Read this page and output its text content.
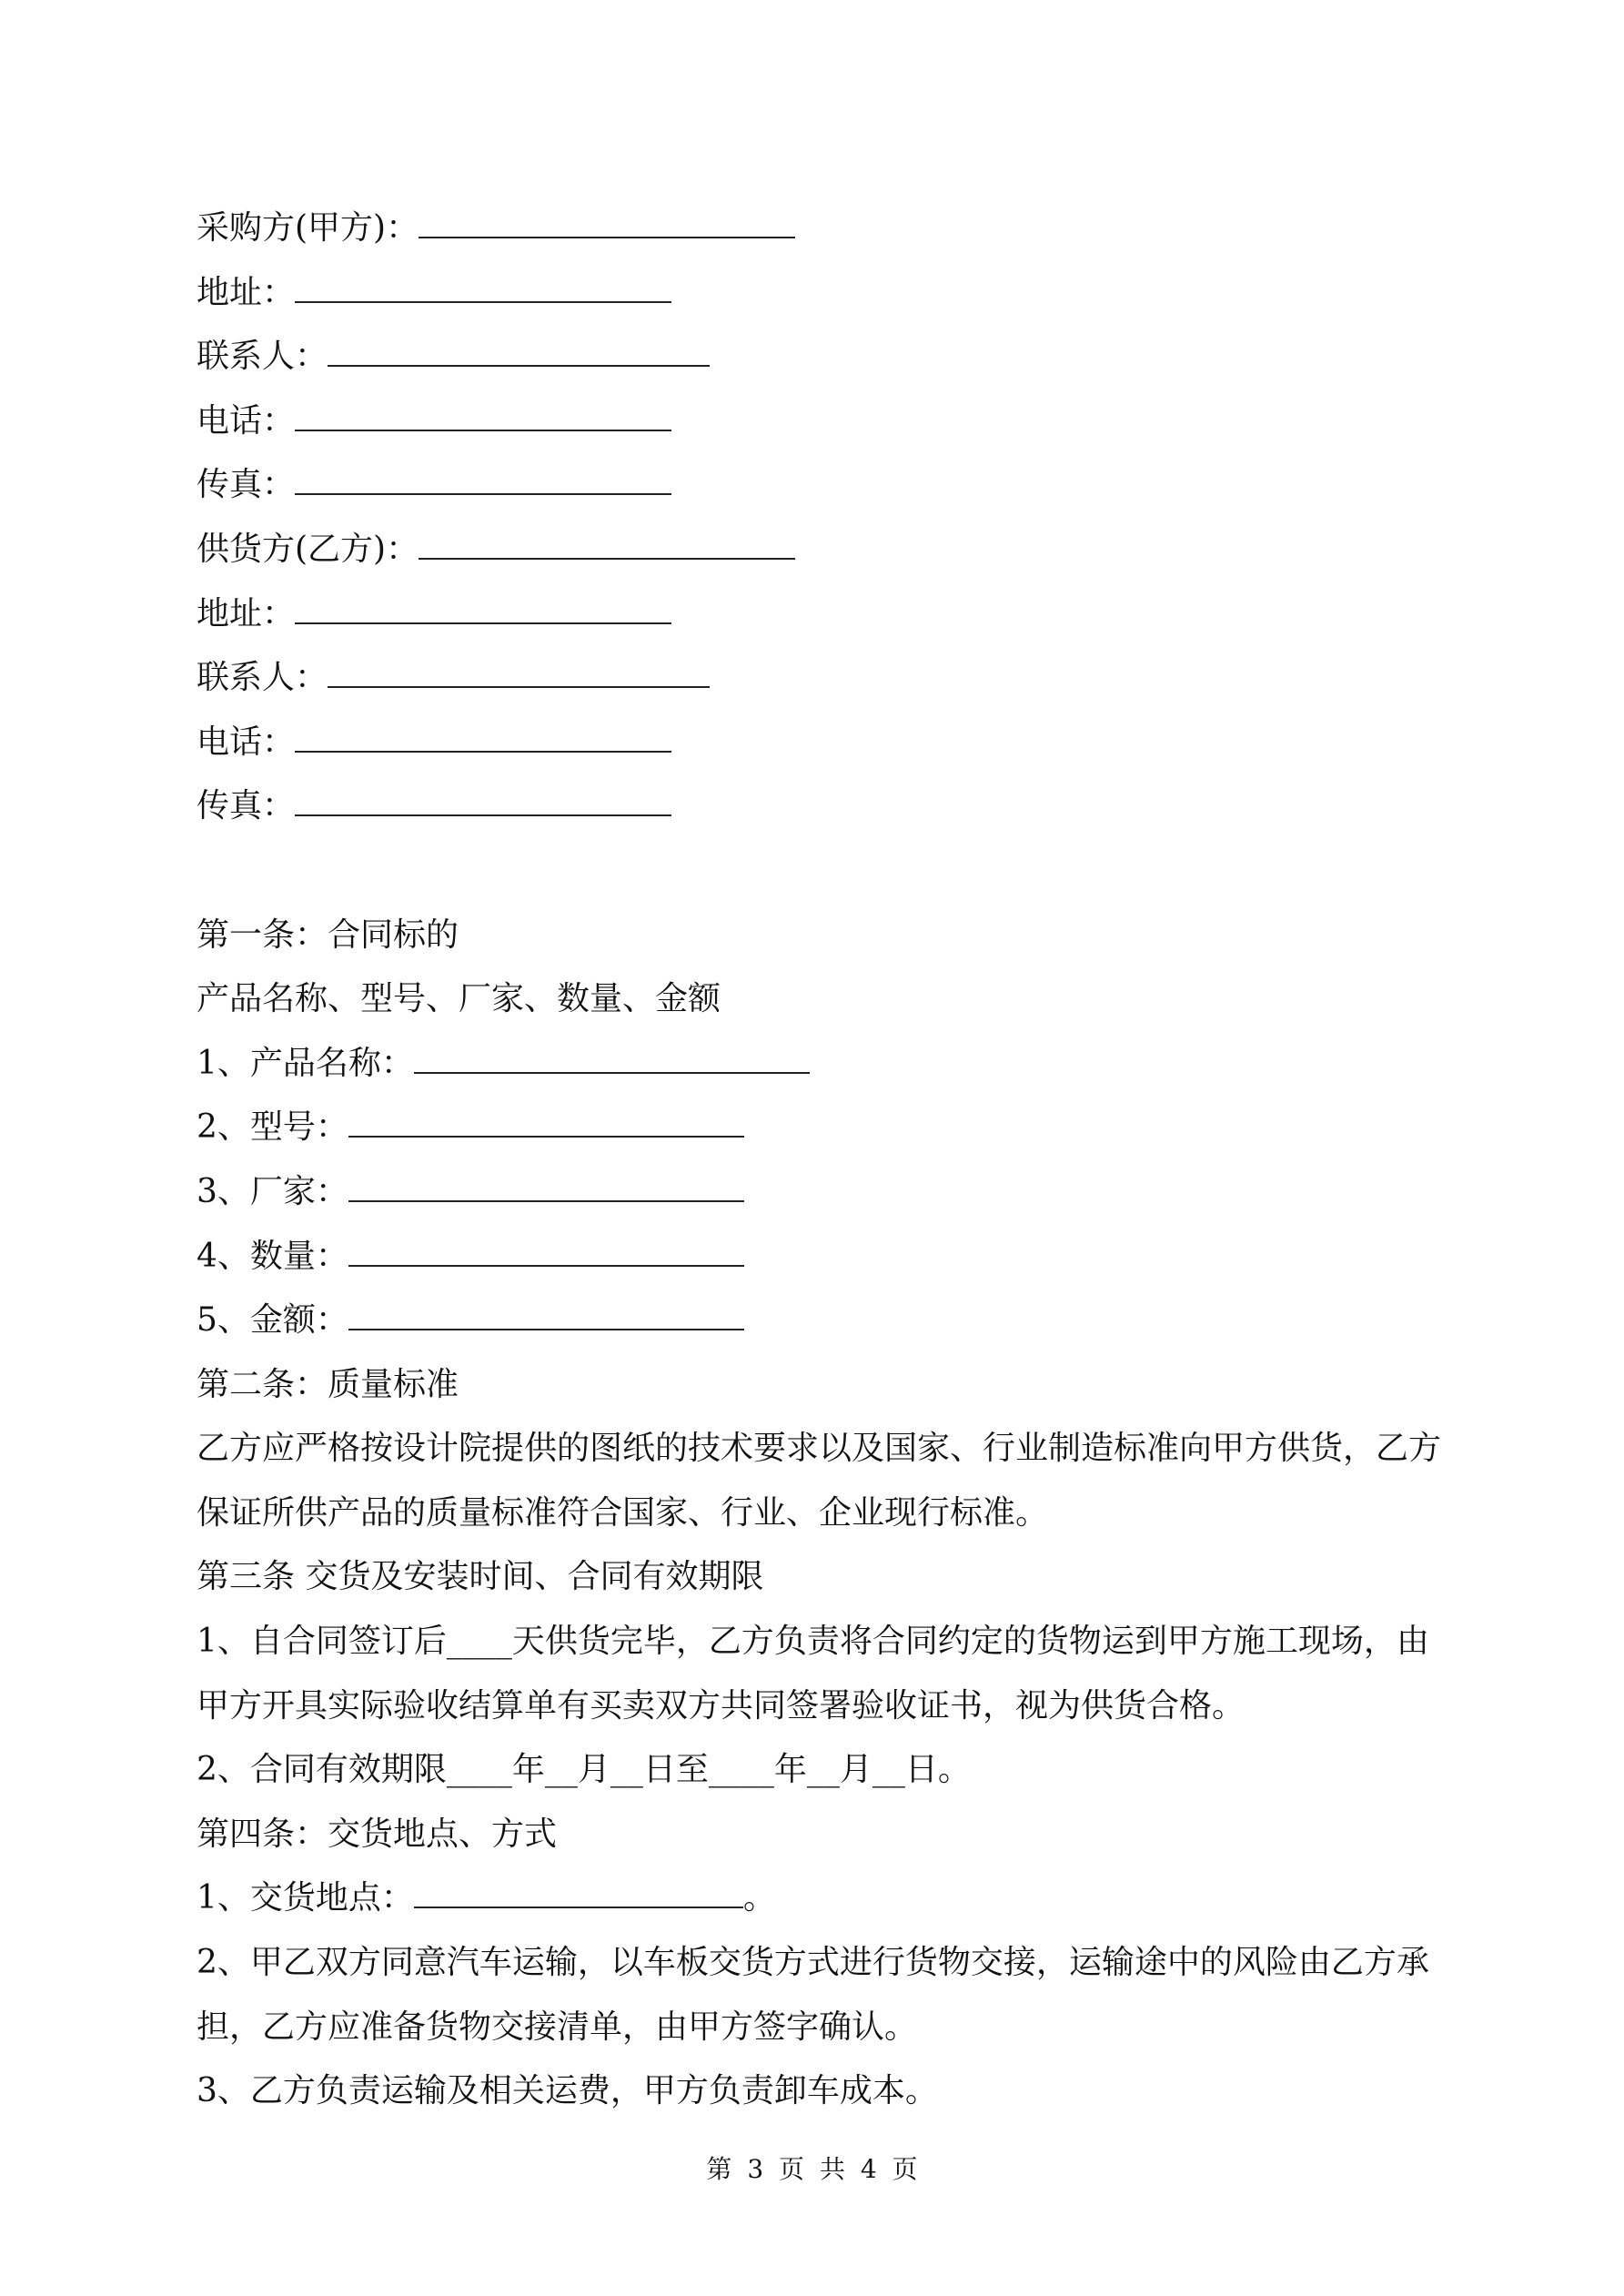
采购方(甲方)：
地址：
联系人：
电话：
传真：
供货方(乙方)：
地址：
联系人：
电话：
传真：
第一条：合同标的
产品名称、型号、厂家、数量、金额
1、产品名称：
2、型号：
3、厂家：
4、数量：
5、金额：
第二条：质量标准
乙方应严格按设计院提供的图纸的技术要求以及国家、行业制造标准向甲方供货，乙方
保证所供产品的质量标准符合国家、行业、企业现行标准。
第三条 交货及安装时间、合同有效期限
1、自合同签订后____天供货完毕，乙方负责将合同约定的货物运到甲方施工现场，由
甲方开具实际验收结算单有买卖双方共同签署验收证书，视为供货合格。
2、合同有效期限____年__月__日至____年__月__日。
第四条：交货地点、方式
1、交货地点：	。
2、甲乙双方同意汽车运输，以车板交货方式进行货物交接，运输途中的风险由乙方承
担，乙方应准备货物交接清单，由甲方签字确认。
3、乙方负责运输及相关运费，甲方负责卸车成本。
第 3 页 共 4 页
